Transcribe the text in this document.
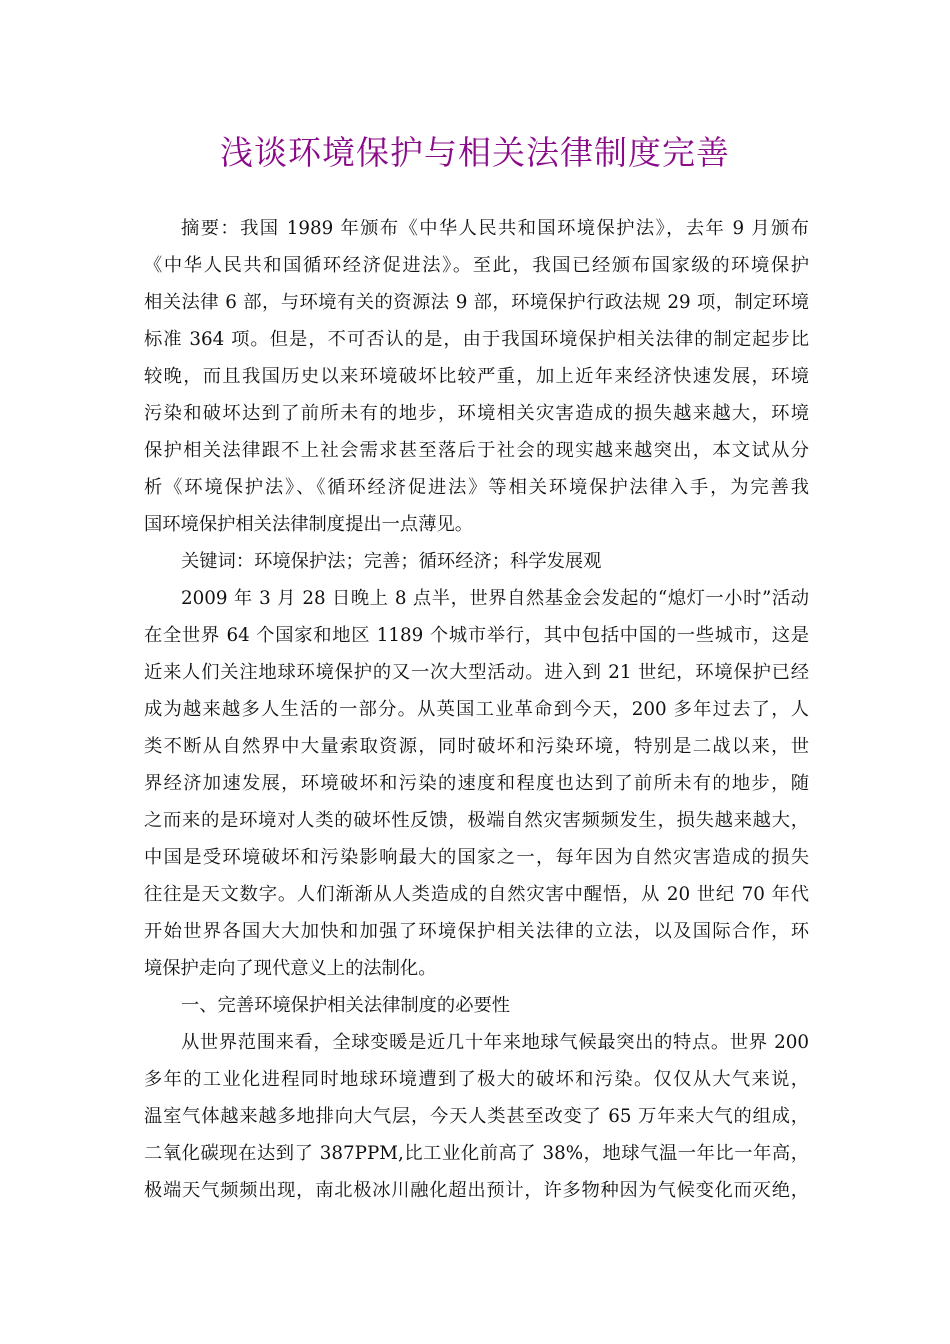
浅谈环境保护与相关法律制度完善
摘要：我国 1989 年颁布《中华人民共和国环境保护法》，去年 9 月颁布
《中华人民共和国循环经济促进法》。至此，我国已经颁布国家级的环境保护
相关法律 6 部，与环境有关的资源法 9 部，环境保护行政法规 29 项，制定环境
标准 364 项。但是，不可否认的是，由于我国环境保护相关法律的制定起步比
较晚，而且我国历史以来环境破坏比较严重，加上近年来经济快速发展，环境
污染和破坏达到了前所未有的地步，环境相关灾害造成的损失越来越大，环境
保护相关法律跟不上社会需求甚至落后于社会的现实越来越突出，本文试从分
析《环境保护法》、《循环经济促进法》等相关环境保护法律入手，为完善我
国环境保护相关法律制度提出一点薄见。
关键词：环境保护法；完善；循环经济；科学发展观
2009 年 3 月 28 日晚上 8 点半，世界自然基金会发起的“熄灯一小时”活动
在全世界 64 个国家和地区 1189 个城市举行，其中包括中国的一些城市，这是
近来人们关注地球环境保护的又一次大型活动。进入到 21 世纪，环境保护已经
成为越来越多人生活的一部分。从英国工业革命到今天，200 多年过去了，人
类不断从自然界中大量索取资源，同时破坏和污染环境，特别是二战以来，世
界经济加速发展，环境破坏和污染的速度和程度也达到了前所未有的地步，随
之而来的是环境对人类的破坏性反馈，极端自然灾害频频发生，损失越来越大，
中国是受环境破坏和污染影响最大的国家之一，每年因为自然灾害造成的损失
往往是天文数字。人们渐渐从人类造成的自然灾害中醒悟，从 20 世纪 70 年代
开始世界各国大大加快和加强了环境保护相关法律的立法，以及国际合作，环
境保护走向了现代意义上的法制化。
一、完善环境保护相关法律制度的必要性
从世界范围来看，全球变暖是近几十年来地球气候最突出的特点。世界 200
多年的工业化进程同时地球环境遭到了极大的破坏和污染。仅仅从大气来说，
温室气体越来越多地排向大气层，今天人类甚至改变了 65 万年来大气的组成，
二氧化碳现在达到了 387PPM,比工业化前高了 38%，地球气温一年比一年高，
极端天气频频出现，南北极冰川融化超出预计，许多物种因为气候变化而灭绝，
